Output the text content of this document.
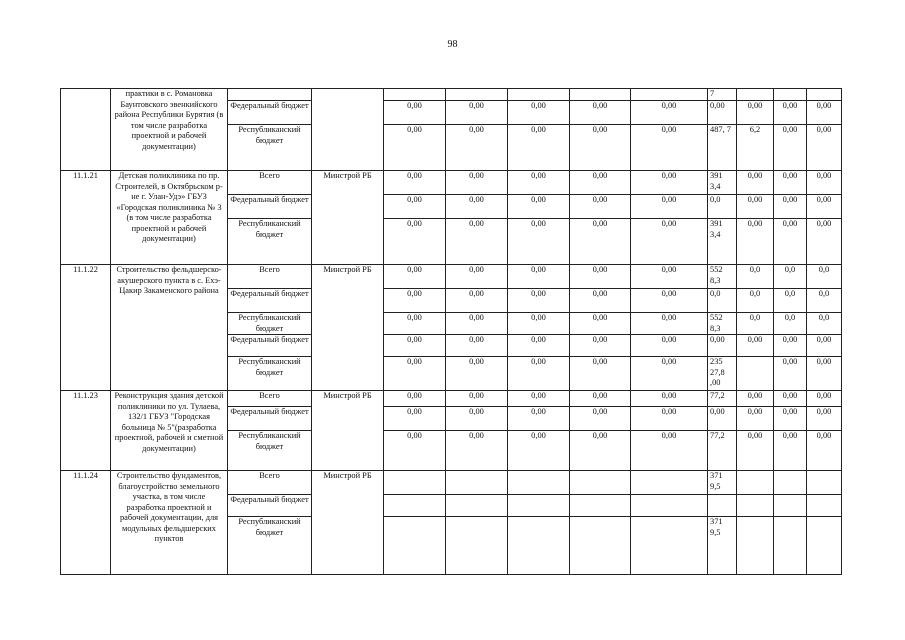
98
	практики в с. Романовка Баунтовского эвенкийского района Республики Бурятия (в том числе разработка проектной и рабочей документации)								7			
		Федеральный бюджет		0,00	0,00	0,00	0,00	0,00	0,00	0,00	0,00	0,00
		Республиканский бюджет		0,00	0,00	0,00	0,00	0,00	487, 7	6,2	0,00	0,00
11.1.21	Детская поликлиника по пр. Строителей, в Октябрьском р-не г. Улан-Удэ» ГБУЗ «Городская поликлиника № 3 (в том числе разработка проектной и рабочей документации)	Всего	Минстрой РБ	0,00	0,00	0,00	0,00	0,00	391 3,4	0,00	0,00	0,00
		Федеральный бюджет		0,00	0,00	0,00	0,00	0,00	0,0	0,00	0,00	0,00
		Республиканский бюджет		0,00	0,00	0,00	0,00	0,00	391 3,4	0,00	0,00	0,00
11.1.22	Строительство фельдшерско-акушерского пункта в с. Ехэ-Цакир Закаменского района	Всего	Минстрой РБ	0,00	0,00	0,00	0,00	0,00	552 8,3	0,0	0,0	0,0
		Федеральный бюджет		0,00	0,00	0,00	0,00	0,00	0,0	0,0	0,0	0,0
		Республиканский бюджет		0,00	0,00	0,00	0,00	0,00	552 8,3	0,0	0,0	0,0
		Федеральный бюджет		0,00	0,00	0,00	0,00	0,00	0,00	0,00	0,00	0,00
		Республиканский бюджет		0,00	0,00	0,00	0,00	0,00	235 27,8 ,00		0,00	0,00
11.1.23	Реконструкция здания детской поликлиники по ул. Тулаева, 132/1 ГБУЗ "Городская больница № 5"(разработка проектной, рабочей и сметной документации)	Всего	Минстрой РБ	0,00	0,00	0,00	0,00	0,00	77,2	0,00	0,00	0,00
		Федеральный бюджет		0,00	0,00	0,00	0,00	0,00	0,00	0,00	0,00	0,00
		Республиканский бюджет		0,00	0,00	0,00	0,00	0,00	77,2	0,00	0,00	0,00
11.1.24	Строительство фундаментов, благоустройство земельного участка, в том числе разработка проектной и рабочей документации, для модульных фельдшерских пунктов	Всего	Минстрой РБ						371 9,5			
		Федеральный бюджет										
		Республиканский бюджет							371 9,5			
